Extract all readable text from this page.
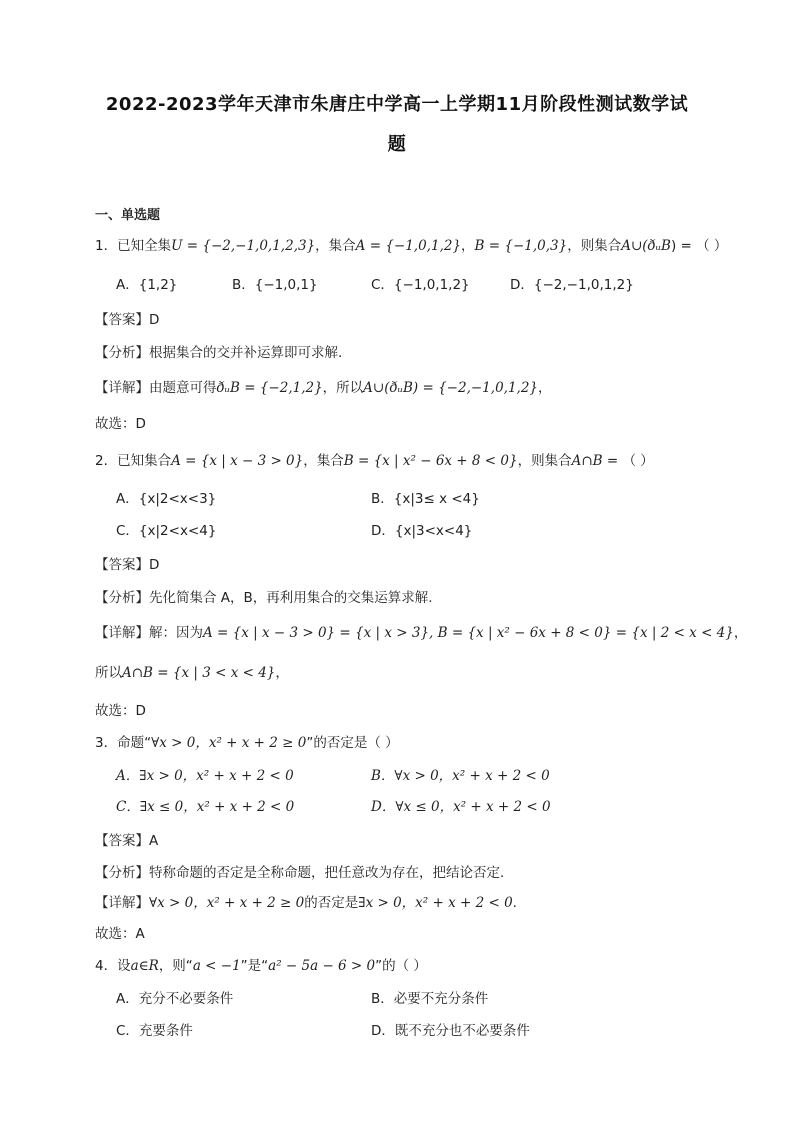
2022-2023学年天津市朱唐庄中学高一上学期11月阶段性测试数学试
题
一、单选题
1．已知全集U = {−2,−1,0,1,2,3}，集合A = {−1,0,1,2}，B = {−1,0,3}，则集合A∪(ðᵤB) = （ ）
A．{1,2}	B．{−1,0,1}	C．{−1,0,1,2}	D．{−2,−1,0,1,2}
【答案】D
【分析】根据集合的交并补运算即可求解.
【详解】由题意可得ðᵤB = {−2,1,2}，所以A∪(ðᵤB) = {−2,−1,0,1,2}，
故选：D
2．已知集合A = {x | x − 3 > 0}，集合B = {x | x² − 6x + 8 < 0}，则集合A∩B = （ ）
A．{x|2<x<3}	B．{x|3≤ x <4}
C．{x|2<x<4}	D．{x|3<x<4}
【答案】D
【分析】先化简集合 A，B，再利用集合的交集运算求解.
【详解】解：因为A = {x | x − 3 > 0} = {x | x > 3}, B = {x | x² − 6x + 8 < 0} = {x | 2 < x < 4}，
所以A∩B = {x | 3 < x < 4}，
故选：D
3．命题“∀x > 0，x² + x + 2 ≥ 0”的否定是（ ）
A．∃x > 0，x² + x + 2 < 0	B．∀x > 0，x² + x + 2 < 0
C．∃x ≤ 0，x² + x + 2 < 0	D．∀x ≤ 0，x² + x + 2 < 0
【答案】A
【分析】特称命题的否定是全称命题，把任意改为存在，把结论否定.
【详解】∀x > 0，x² + x + 2 ≥ 0的否定是∃x > 0，x² + x + 2 < 0.
故选：A
4．设a∈R，则“a < −1”是“a² − 5a − 6 > 0”的（ ）
A．充分不必要条件	B．必要不充分条件
C．充要条件	D．既不充分也不必要条件
